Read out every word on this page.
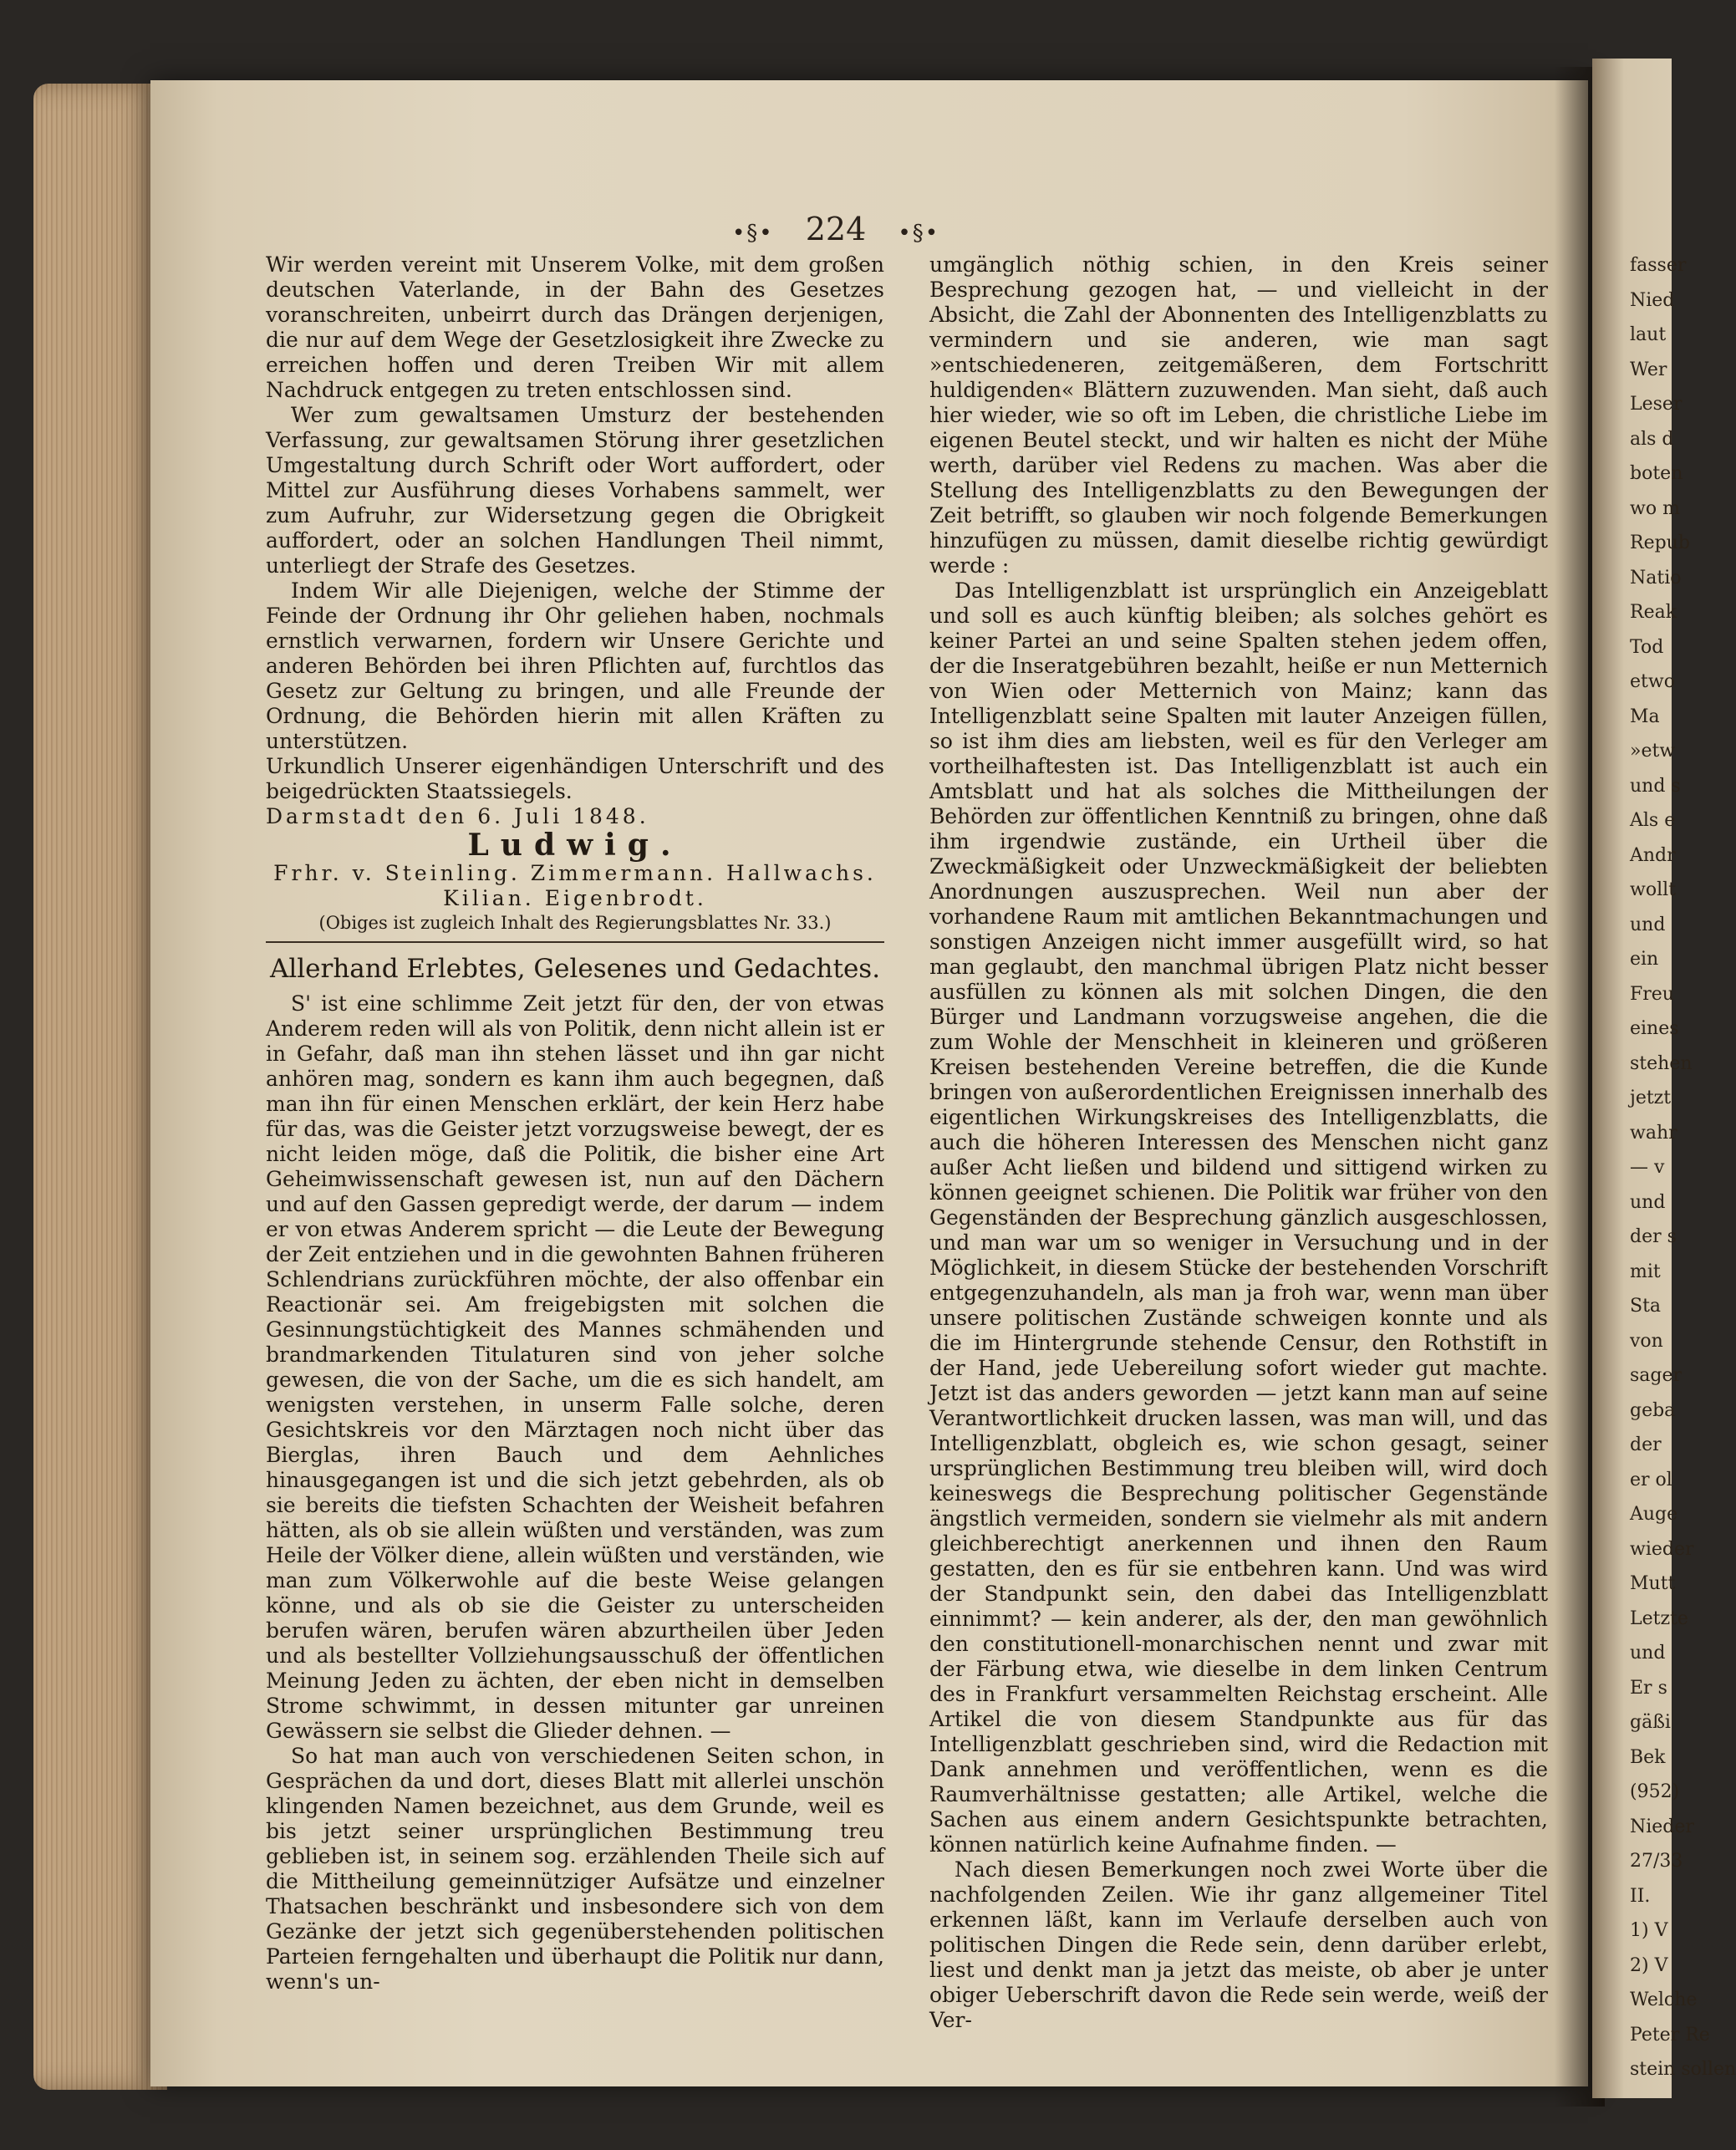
•§• 224 •§•

Wir werden vereint mit Unserem Volke, mit dem großen deutschen Vaterlande, in der Bahn des Gesetzes voranschreiten, unbeirrt durch das Drängen derjenigen, die nur auf dem Wege der Gesetzlosigkeit ihre Zwecke zu erreichen hoffen und deren Treiben Wir mit allem Nachdruck entgegen zu treten entschlossen sind.

Wer zum gewaltsamen Umsturz der bestehenden Verfassung, zur gewaltsamen Störung ihrer gesetzlichen Umgestaltung durch Schrift oder Wort auffordert, oder Mittel zur Ausführung dieses Vorhabens sammelt, wer zum Aufruhr, zur Widersetzung gegen die Obrigkeit auffordert, oder an solchen Handlungen Theil nimmt, unterliegt der Strafe des Gesetzes.

Indem Wir alle Diejenigen, welche der Stimme der Feinde der Ordnung ihr Ohr geliehen haben, nochmals ernstlich verwarnen, fordern wir Unsere Gerichte und anderen Behörden bei ihren Pflichten auf, furchtlos das Gesetz zur Geltung zu bringen, und alle Freunde der Ordnung, die Behörden hierin mit allen Kräften zu unterstützen.

Urkundlich Unserer eigenhändigen Unterschrift und des beigedrückten Staatssiegels.

Darmstadt den 6. Juli 1848.

Ludwig.
Frhr. v. Steinling. Zimmermann. Hallwachs.
Kilian. Eigenbrodt.
(Obiges ist zugleich Inhalt des Regierungsblattes Nr. 33.)
Allerhand Erlebtes, Gelesenes und Gedachtes.

S' ist eine schlimme Zeit jetzt für den, der von etwas Anderem reden will als von Politik, denn nicht allein ist er in Gefahr, daß man ihn stehen lässet und ihn gar nicht anhören mag, sondern es kann ihm auch begegnen, daß man ihn für einen Menschen erklärt, der kein Herz habe für das, was die Geister jetzt vorzugsweise bewegt, der es nicht leiden möge, daß die Politik, die bisher eine Art Geheimwissenschaft gewesen ist, nun auf den Dächern und auf den Gassen gepredigt werde, der darum — indem er von etwas Anderem spricht — die Leute der Bewegung der Zeit entziehen und in die gewohnten Bahnen früheren Schlendrians zurückführen möchte, der also offenbar ein Reactionär sei. Am freigebigsten mit solchen die Gesinnungstüchtigkeit des Mannes schmähenden und brandmarkenden Titulaturen sind von jeher solche gewesen, die von der Sache, um die es sich handelt, am wenigsten verstehen, in unserm Falle solche, deren Gesichtskreis vor den Märztagen noch nicht über das Bierglas, ihren Bauch und dem Aehnliches hinausgegangen ist und die sich jetzt gebehrden, als ob sie bereits die tiefsten Schachten der Weisheit befahren hätten, als ob sie allein wüßten und verständen, was zum Heile der Völker diene, allein wüßten und verständen, wie man zum Völkerwohle auf die beste Weise gelangen könne, und als ob sie die Geister zu unterscheiden berufen wären, berufen wären abzurtheilen über Jeden und als bestellter Vollziehungsausschuß der öffentlichen Meinung Jeden zu ächten, der eben nicht in demselben Strome schwimmt, in dessen mitunter gar unreinen Gewässern sie selbst die Glieder dehnen. —

So hat man auch von verschiedenen Seiten schon, in Gesprächen da und dort, dieses Blatt mit allerlei unschön klingenden Namen bezeichnet, aus dem Grunde, weil es bis jetzt seiner ursprünglichen Bestimmung treu geblieben ist, in seinem sog. erzählenden Theile sich auf die Mittheilung gemeinnütziger Aufsätze und einzelner Thatsachen beschränkt und insbesondere sich von dem Gezänke der jetzt sich gegenüberstehenden politischen Parteien ferngehalten und überhaupt die Politik nur dann, wenn's un-

umgänglich nöthig schien, in den Kreis seiner Besprechung gezogen hat, — und vielleicht in der Absicht, die Zahl der Abonnenten des Intelligenzblatts zu vermindern und sie anderen, wie man sagt »entschiedeneren, zeitgemäßeren, dem Fortschritt huldigenden« Blättern zuzuwenden. Man sieht, daß auch hier wieder, wie so oft im Leben, die christliche Liebe im eigenen Beutel steckt, und wir halten es nicht der Mühe werth, darüber viel Redens zu machen. Was aber die Stellung des Intelligenzblatts zu den Bewegungen der Zeit betrifft, so glauben wir noch folgende Bemerkungen hinzufügen zu müssen, damit dieselbe richtig gewürdigt werde :

Das Intelligenzblatt ist ursprünglich ein Anzeigeblatt und soll es auch künftig bleiben; als solches gehört es keiner Partei an und seine Spalten stehen jedem offen, der die Inseratgebühren bezahlt, heiße er nun Metternich von Wien oder Metternich von Mainz; kann das Intelligenzblatt seine Spalten mit lauter Anzeigen füllen, so ist ihm dies am liebsten, weil es für den Verleger am vortheilhaftesten ist. Das Intelligenzblatt ist auch ein Amtsblatt und hat als solches die Mittheilungen der Behörden zur öffentlichen Kenntniß zu bringen, ohne daß ihm irgendwie zustände, ein Urtheil über die Zweckmäßigkeit oder Unzweckmäßigkeit der beliebten Anordnungen auszusprechen. Weil nun aber der vorhandene Raum mit amtlichen Bekanntmachungen und sonstigen Anzeigen nicht immer ausgefüllt wird, so hat man geglaubt, den manchmal übrigen Platz nicht besser ausfüllen zu können als mit solchen Dingen, die den Bürger und Landmann vorzugsweise angehen, die die zum Wohle der Menschheit in kleineren und größeren Kreisen bestehenden Vereine betreffen, die die Kunde bringen von außerordentlichen Ereignissen innerhalb des eigentlichen Wirkungskreises des Intelligenzblatts, die auch die höheren Interessen des Menschen nicht ganz außer Acht ließen und bildend und sittigend wirken zu können geeignet schienen. Die Politik war früher von den Gegenständen der Besprechung gänzlich ausgeschlossen, und man war um so weniger in Versuchung und in der Möglichkeit, in diesem Stücke der bestehenden Vorschrift entgegenzuhandeln, als man ja froh war, wenn man über unsere politischen Zustände schweigen konnte und als die im Hintergrunde stehende Censur, den Rothstift in der Hand, jede Uebereilung sofort wieder gut machte. Jetzt ist das anders geworden — jetzt kann man auf seine Verantwortlichkeit drucken lassen, was man will, und das Intelligenzblatt, obgleich es, wie schon gesagt, seiner ursprünglichen Bestimmung treu bleiben will, wird doch keineswegs die Besprechung politischer Gegenstände ängstlich vermeiden, sondern sie vielmehr als mit andern gleichberechtigt anerkennen und ihnen den Raum gestatten, den es für sie entbehren kann. Und was wird der Standpunkt sein, den dabei das Intelligenzblatt einnimmt? — kein anderer, als der, den man gewöhnlich den constitutionell-monarchischen nennt und zwar mit der Färbung etwa, wie dieselbe in dem linken Centrum des in Frankfurt versammelten Reichstag erscheint. Alle Artikel die von diesem Standpunkte aus für das Intelligenzblatt geschrieben sind, wird die Redaction mit Dank annehmen und veröffentlichen, wenn es die Raumverhältnisse gestatten; alle Artikel, welche die Sachen aus einem andern Gesichtspunkte betrachten, können natürlich keine Aufnahme finden. —

Nach diesen Bemerkungen noch zwei Worte über die nachfolgenden Zeilen. Wie ihr ganz allgemeiner Titel erkennen läßt, kann im Verlaufe derselben auch von politischen Dingen die Rede sein, denn darüber erlebt, liest und denkt man ja jetzt das meiste, ob aber je unter obiger Ueberschrift davon die Rede sein werde, weiß der Ver-

fasser
Nied
laut
Wer
Leser
als d
boten
wo m
Repub
Natio
Reak
Tod
etwo
Ma
»etw
und s
Als e
Andr
wollt
und
ein
Freu
eines
stehen
jetzt
wahr
— v
und
der s
mit
Sta
von
sager
geba
der
er ol
Auge
wieder
Mutt
Letzte
und
Er s
gäßi
Bek
(952)
Nieder
27/33
II.
1) V
2) V
Welche
Peter Re
stein sollen
